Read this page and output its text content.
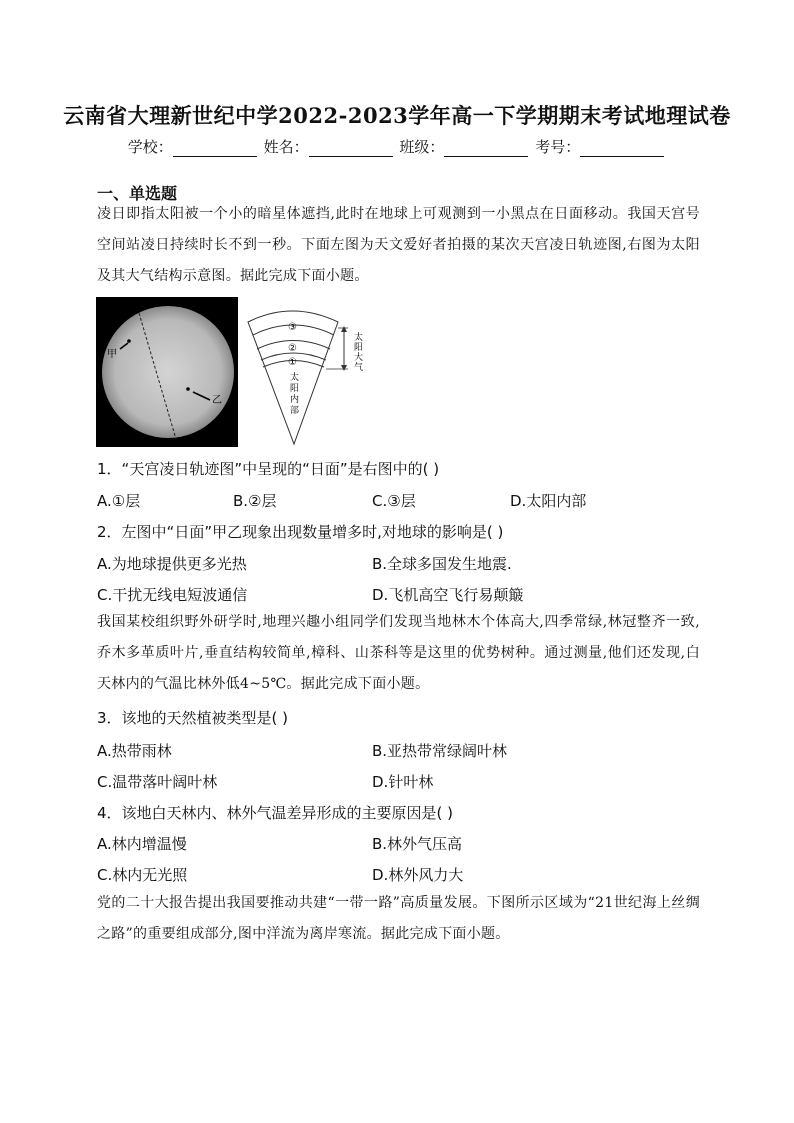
云南省大理新世纪中学2022-2023学年高一下学期期末考试地理试卷
学校：	姓名：	班级：	考号：
一、单选题
凌日即指太阳被一个小的暗星体遮挡,此时在地球上可观测到一小黑点在日面移动。我国天宫号空间站凌日持续时长不到一秒。下面左图为天文爱好者拍摄的某次天宫凌日轨迹图,右图为太阳及其大气结构示意图。据此完成下面小题。
甲
乙
③
②
①
太 阳 大 气
太 阳 内 部
1．“天宫凌日轨迹图”中呈现的“日面”是右图中的( )
A.①层	B.②层	C.③层	D.太阳内部
2．左图中“日面”甲乙现象出现数量增多时,对地球的影响是( )
A.为地球提供更多光热	B.全球多国发生地震.
C.干扰无线电短波通信	D.飞机高空飞行易颠簸
我国某校组织野外研学时,地理兴趣小组同学们发现当地林木个体高大,四季常绿,林冠整齐一致,乔木多革质叶片,垂直结构较简单,樟科、山茶科等是这里的优势树种。通过测量,他们还发现,白天林内的气温比林外低4~5℃。据此完成下面小题。
3．该地的天然植被类型是( )
A.热带雨林	B.亚热带常绿阔叶林
C.温带落叶阔叶林	D.针叶林
4．该地白天林内、林外气温差异形成的主要原因是( )
A.林内增温慢	B.林外气压高
C.林内无光照	D.林外风力大
党的二十大报告提出我国要推动共建“一带一路”高质量发展。下图所示区域为“21世纪海上丝绸之路”的重要组成部分,图中洋流为离岸寒流。据此完成下面小题。
